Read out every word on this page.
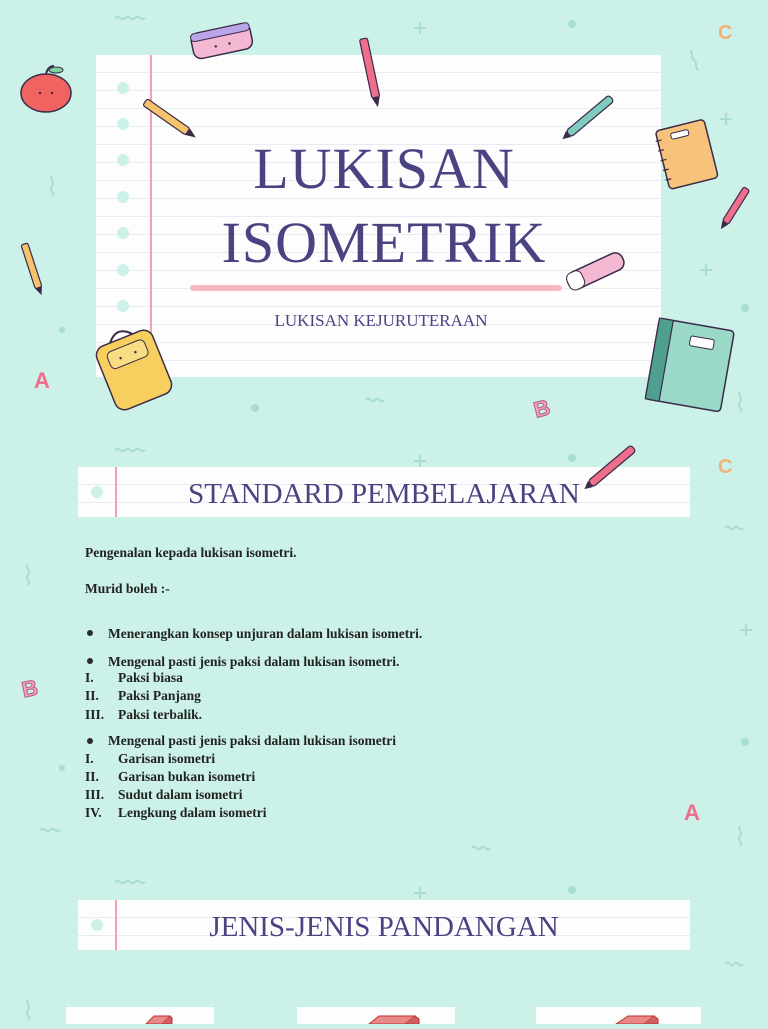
A
B
C
C
B
A
LUKISAN
ISOMETRIK
LUKISAN KEJURUTERAAN
STANDARD PEMBELAJARAN
Pengenalan kepada lukisan isometri.
Murid boleh :-
Menerangkan konsep unjuran dalam lukisan isometri.
Mengenal pasti jenis paksi dalam lukisan isometri.
I.	Paksi biasa
II.	Paksi Panjang
III.	Paksi terbalik.
Mengenal pasti jenis paksi dalam lukisan isometri
I.	Garisan isometri
II.	Garisan bukan isometri
III.	Sudut dalam isometri
IV.	Lengkung dalam isometri
JENIS-JENIS PANDANGAN
